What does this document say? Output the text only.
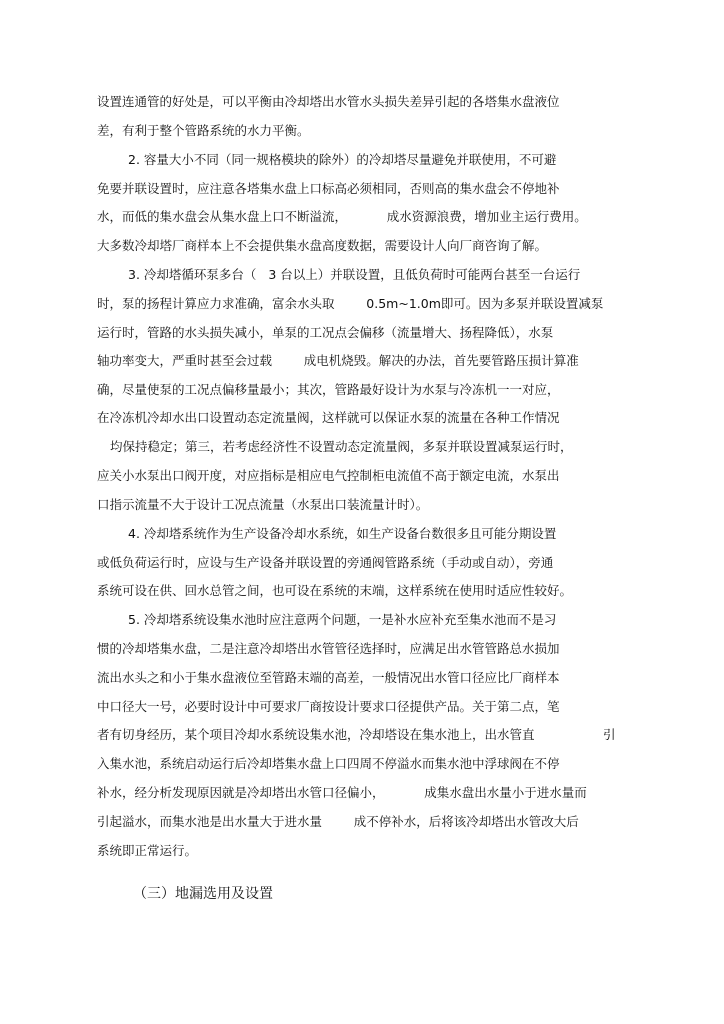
设置连通管的好处是，可以平衡由冷却塔出水管水头损失差异引起的各塔集水盘液位
差，有利于整个管路系统的水力平衡。
2. 容量大小不同（同一规格模块的除外）的冷却塔尽量避免并联使用，不可避
免要并联设置时，应注意各塔集水盘上口标高必须相同，否则高的集水盘会不停地补
水，而低的集水盘会从集水盘上口不断溢流，          成水资源浪费，增加业主运行费用。
大多数冷却塔厂商样本上不会提供集水盘高度数据，需要设计人向厂商咨询了解。
3. 冷却塔循环泵多台（   3 台以上）并联设置，且低负荷时可能两台甚至一台运行
时，泵的扬程计算应力求准确，富余水头取        0.5m~1.0m即可。因为多泵并联设置减泵
运行时，管路的水头损失减小，单泵的工况点会偏移（流量增大、扬程降低），水泵
轴功率变大，严重时甚至会过载        成电机烧毁。解决的办法，首先要管路压损计算准
确，尽量使泵的工况点偏移量最小；其次，管路最好设计为水泵与冷冻机一一对应，
在冷冻机冷却水出口设置动态定流量阀，这样就可以保证水泵的流量在各种工作情况
均保持稳定；第三，若考虑经济性不设置动态定流量阀，多泵并联设置减泵运行时，
应关小水泵出口阀开度，对应指标是相应电气控制柜电流值不高于额定电流，水泵出
口指示流量不大于设计工况点流量（水泵出口装流量计时）。
4. 冷却塔系统作为生产设备冷却水系统，如生产设备台数很多且可能分期设置
或低负荷运行时，应设与生产设备并联设置的旁通阀管路系统（手动或自动），旁通
系统可设在供、回水总管之间，也可设在系统的末端，这样系统在使用时适应性较好。
5. 冷却塔系统设集水池时应注意两个问题，一是补水应补充至集水池而不是习
惯的冷却塔集水盘，二是注意冷却塔出水管管径选择时，应满足出水管管路总水损加
流出水头之和小于集水盘液位至管路末端的高差，一般情况出水管口径应比厂商样本
中口径大一号，必要时设计中可要求厂商按设计要求口径提供产品。关于第二点，笔
者有切身经历，某个项目冷却水系统设集水池，冷却塔设在集水池上，出水管直	引
入集水池，系统启动运行后冷却塔集水盘上口四周不停溢水而集水池中浮球阀在不停
补水，经分析发现原因就是冷却塔出水管口径偏小，          成集水盘出水量小于进水量而
引起溢水，而集水池是出水量大于进水量        成不停补水，后将该冷却塔出水管改大后
系统即正常运行。
（三）地漏选用及设置
